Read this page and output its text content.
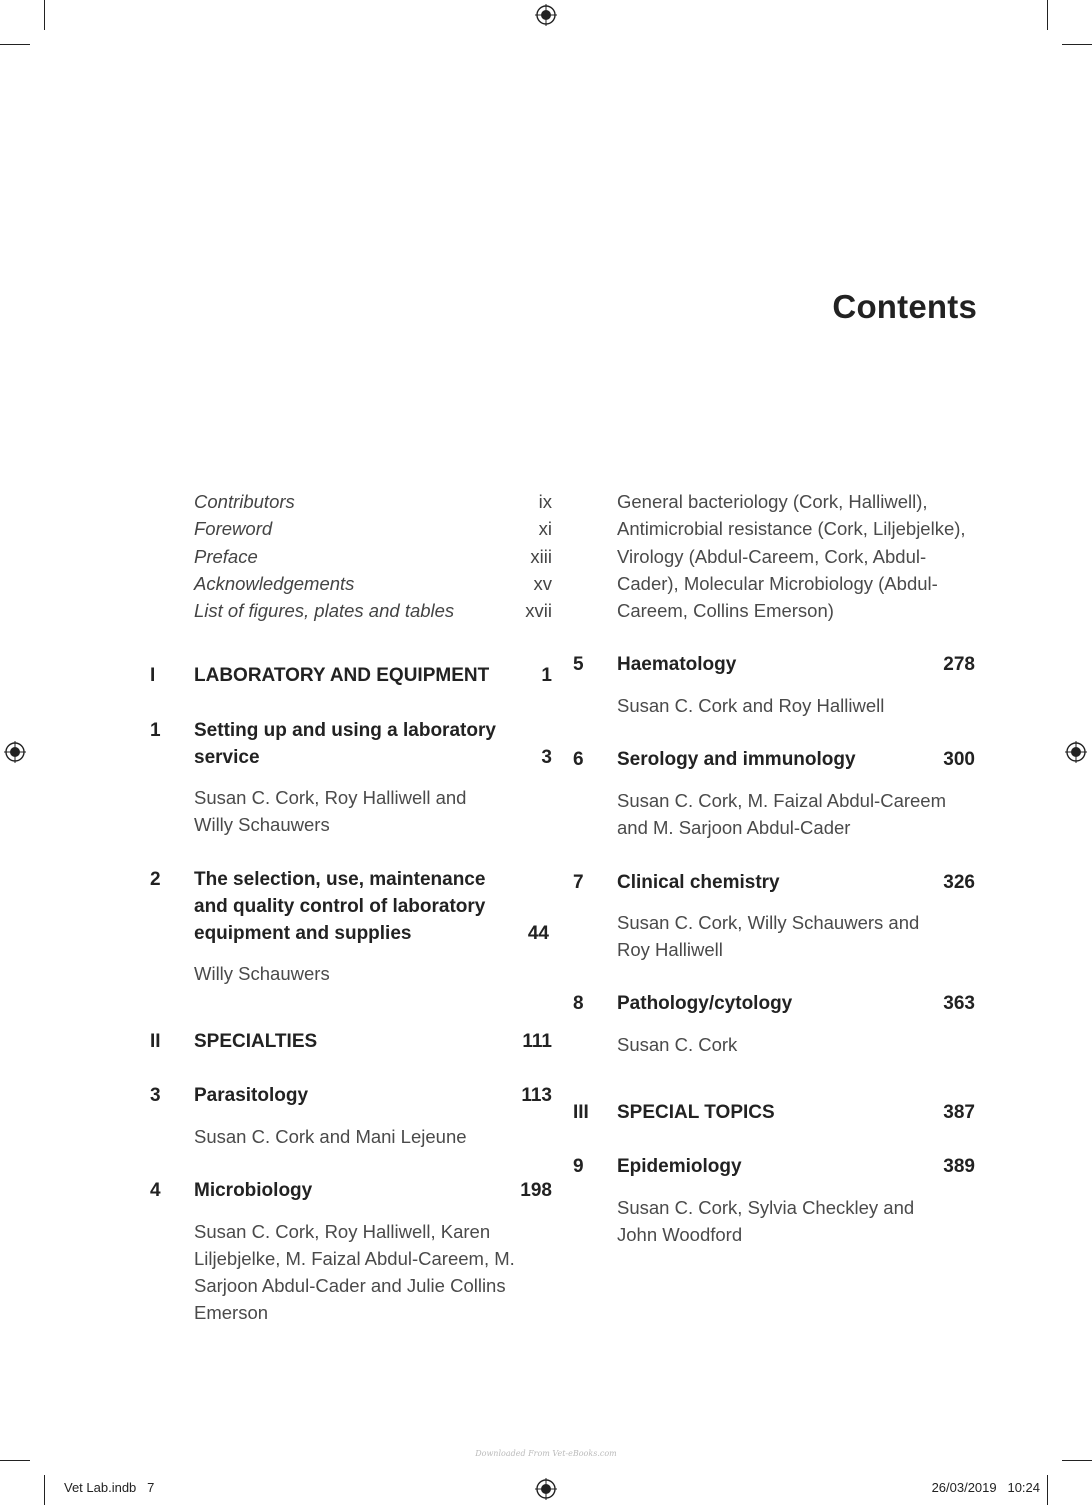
Contents
Contributors	ix
Foreword	xi
Preface	xiii
Acknowledgements	xv
List of figures, plates and tables	xvii
I	LABORATORY AND EQUIPMENT	1
1	Setting up and using a laboratory service	3
Susan C. Cork, Roy Halliwell and Willy Schauwers
2	The selection, use, maintenance and quality control of laboratory equipment and supplies	44
Willy Schauwers
II	SPECIALTIES	111
3	Parasitology	113
Susan C. Cork and Mani Lejeune
4	Microbiology	198
Susan C. Cork, Roy Halliwell, Karen Liljebjelke, M. Faizal Abdul-Careem, M. Sarjoon Abdul-Cader and Julie Collins Emerson
General bacteriology (Cork, Halliwell), Antimicrobial resistance (Cork, Liljebjelke), Virology (Abdul-Careem, Cork, Abdul-Cader), Molecular Microbiology (Abdul-Careem, Collins Emerson)
5	Haematology	278
Susan C. Cork and Roy Halliwell
6	Serology and immunology	300
Susan C. Cork, M. Faizal Abdul-Careem and M. Sarjoon Abdul-Cader
7	Clinical chemistry	326
Susan C. Cork, Willy Schauwers and Roy Halliwell
8	Pathology/cytology	363
Susan C. Cork
III	SPECIAL TOPICS	387
9	Epidemiology	389
Susan C. Cork, Sylvia Checkley and John Woodford
Downloaded From Vet-eBooks.com
Vet Lab.indb   7	26/03/2019   10:24
